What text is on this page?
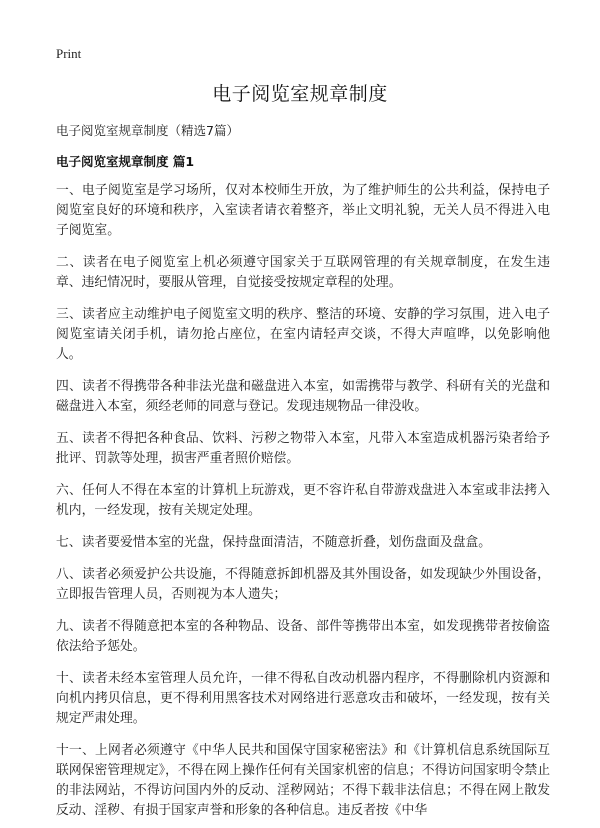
Print
电子阅览室规章制度
电子阅览室规章制度（精选7篇）
电子阅览室规章制度 篇1

一、电子阅览室是学习场所，仅对本校师生开放，为了维护师生的公共利益，保持电子阅览室良好的环境和秩序，入室读者请衣着整齐，举止文明礼貌，无关人员不得进入电子阅览室。

二、读者在电子阅览室上机必须遵守国家关于互联网管理的有关规章制度，在发生违章、违纪情况时，要服从管理，自觉接受按规定章程的处理。

三、读者应主动维护电子阅览室文明的秩序、整洁的环境、安静的学习氛围，进入电子阅览室请关闭手机，请勿抢占座位，在室内请轻声交谈，不得大声喧哗，以免影响他人。

四、读者不得携带各种非法光盘和磁盘进入本室，如需携带与教学、科研有关的光盘和磁盘进入本室，须经老师的同意与登记。发现违规物品一律没收。

五、读者不得把各种食品、饮料、污秽之物带入本室，凡带入本室造成机器污染者给予批评、罚款等处理，损害严重者照价赔偿。

六、任何人不得在本室的计算机上玩游戏，更不容许私自带游戏盘进入本室或非法拷入机内，一经发现，按有关规定处理。

七、读者要爱惜本室的光盘，保持盘面清洁，不随意折叠，划伤盘面及盘盒。

八、读者必须爱护公共设施，不得随意拆卸机器及其外围设备，如发现缺少外围设备，立即报告管理人员，否则视为本人遗失；

九、读者不得随意把本室的各种物品、设备、部件等携带出本室，如发现携带者按偷盗依法给予惩处。

十、读者未经本室管理人员允许，一律不得私自改动机器内程序，不得删除机内资源和向机内拷贝信息，更不得利用黑客技术对网络进行恶意攻击和破坏，一经发现，按有关规定严肃处理。

十一、上网者必须遵守《中华人民共和国保守国家秘密法》和《计算机信息系统国际互联网保密管理规定》，不得在网上操作任何有关国家机密的信息；不得访问国家明令禁止的非法网站，不得访问国内外的反动、淫秽网站；不得下载非法信息；不得在网上散发反动、淫秽、有损于国家声誉和形象的各种信息。违反者按《中华
